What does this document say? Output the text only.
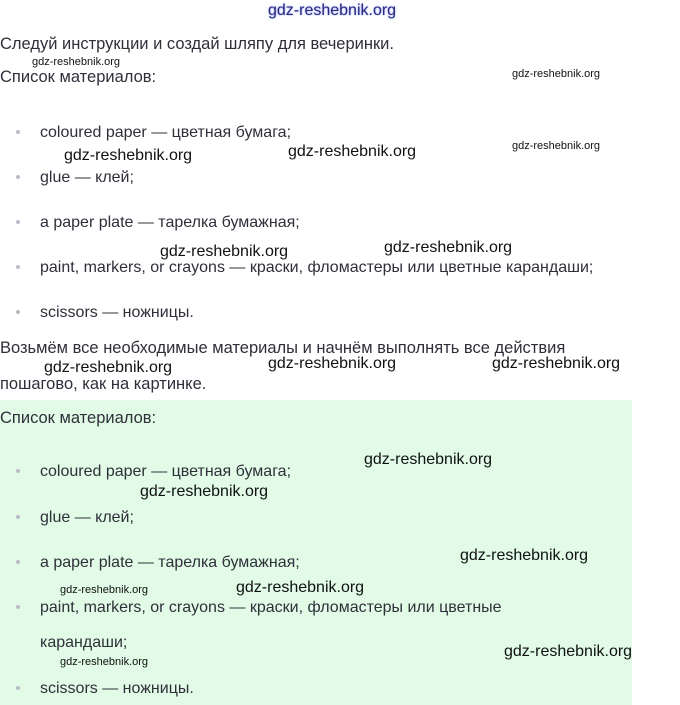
gdz-reshebnik.org
Следуй инструкции и создай шляпу для вечеринки.
Список материалов:
coloured paper — цветная бумага;
glue — клей;
a paper plate — тарелка бумажная;
paint, markers, or crayons — краски, фломастеры или цветные карандаши;
scissors — ножницы.
Возьмём все необходимые материалы и начнём выполнять все действия
пошагово, как на картинке.
Список материалов:
coloured paper — цветная бумага;
glue — клей;
a paper plate — тарелка бумажная;
paint, markers, or crayons — краски, фломастеры или цветные
карандаши;
scissors — ножницы.
gdz-reshebnik.org
gdz-reshebnik.org
gdz-reshebnik.org
gdz-reshebnik.org	gdz-reshebnik.org
gdz-reshebnik.org	gdz-reshebnik.org
gdz-reshebnik.org	gdz-reshebnik.org	gdz-reshebnik.org
gdz-reshebnik.org
gdz-reshebnik.org
gdz-reshebnik.org
gdz-reshebnik.org	gdz-reshebnik.org
gdz-reshebnik.org
gdz-reshebnik.org
